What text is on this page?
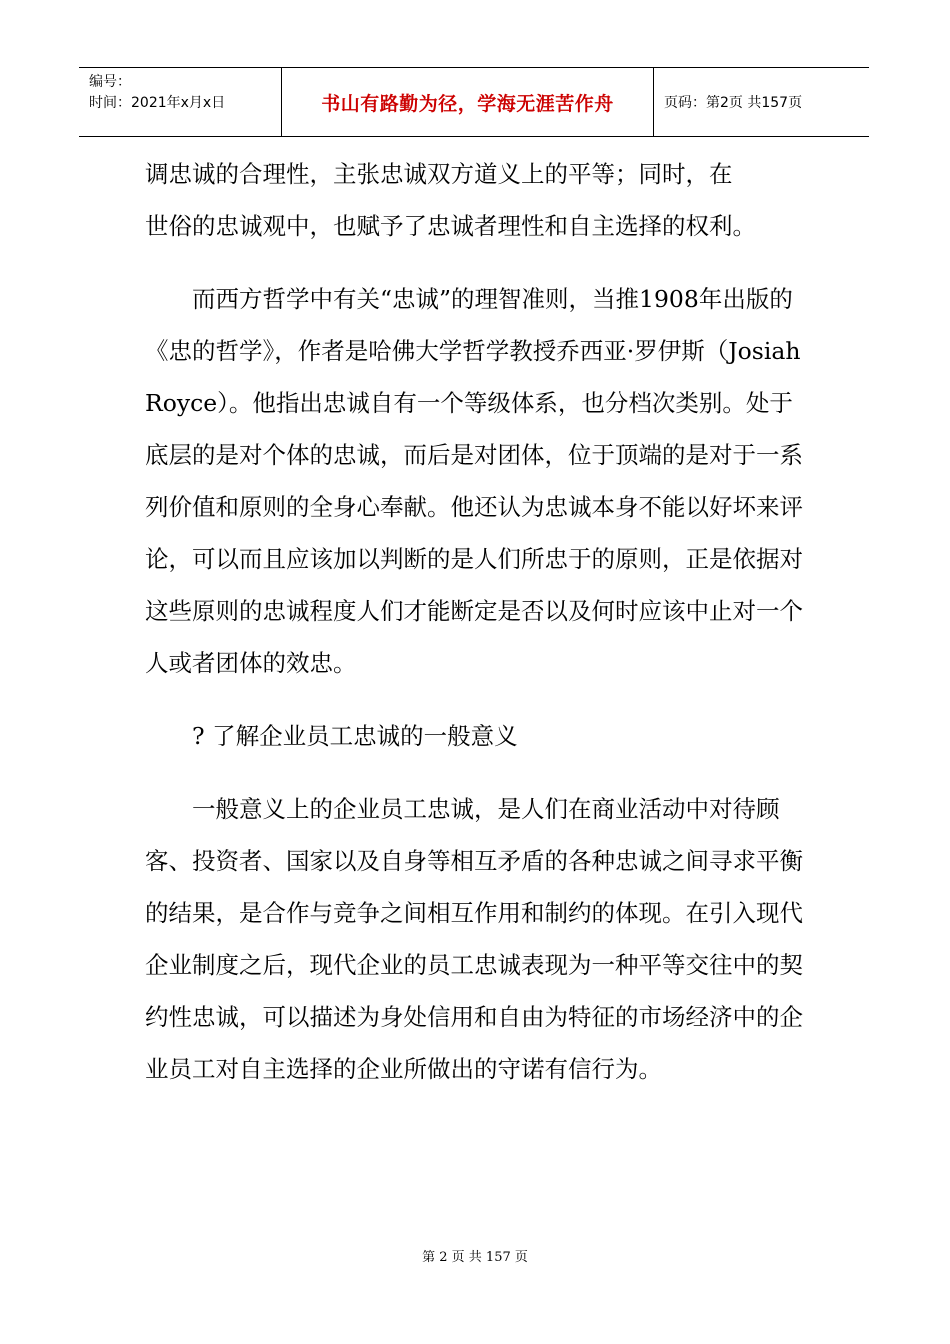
编号：
时间：2021年x月x日	书山有路勤为径，学海无涯苦作舟	页码：第2页 共157页

调忠诚的合理性，主张忠诚双方道义上的平等；同时，在

世俗的忠诚观中，也赋予了忠诚者理性和自主选择的权利。

而西方哲学中有关“忠诚”的理智准则，当推1908年出版的《忠的哲学》，作者是哈佛大学哲学教授乔西亚·罗伊斯（Josiah Royce）。他指出忠诚自有一个等级体系，也分档次类别。处于底层的是对个体的忠诚，而后是对团体，位于顶端的是对于一系列价值和原则的全身心奉献。他还认为忠诚本身不能以好坏来评论，可以而且应该加以判断的是人们所忠于的原则，正是依据对这些原则的忠诚程度人们才能断定是否以及何时应该中止对一个人或者团体的效忠。

? 了解企业员工忠诚的一般意义

一般意义上的企业员工忠诚，是人们在商业活动中对待顾客、投资者、国家以及自身等相互矛盾的各种忠诚之间寻求平衡的结果，是合作与竞争之间相互作用和制约的体现。在引入现代企业制度之后，现代企业的员工忠诚表现为一种平等交往中的契约性忠诚，可以描述为身处信用和自由为特征的市场经济中的企业员工对自主选择的企业所做出的守诺有信行为。

第 2 页 共 157 页
